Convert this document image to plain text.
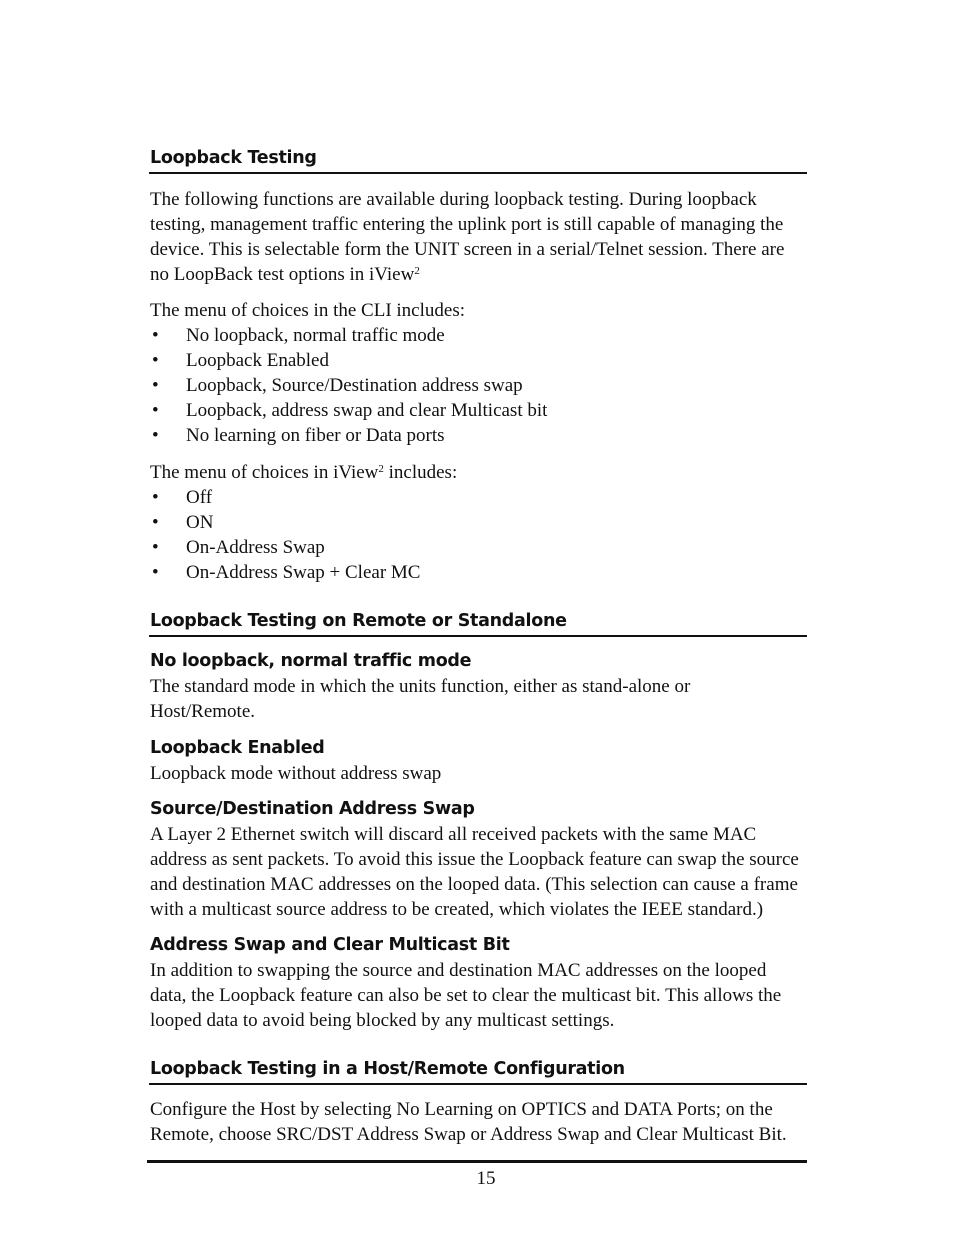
Loopback Testing

The following functions are available during loopback testing. During loopback
testing, management traffic entering the uplink port is still capable of managing the
device. This is selectable form the UNIT screen in a serial/Telnet session. There are
no LoopBack test options in iView$^2$

The menu of choices in the CLI includes:

• No loopback, normal traffic mode
• Loopback Enabled
• Loopback, Source/Destination address swap
• Loopback, address swap and clear Multicast bit
• No learning on fiber or Data ports

The menu of choices in iView$^2$ includes:

• Off
• ON
• On-Address Swap
• On-Address Swap + Clear MC
Loopback Testing on Remote or Standalone
No loopback, normal traffic mode

The standard mode in which the units function, either as stand-alone or
Host/Remote.

Loopback Enabled

Loopback mode without address swap

Source/Destination Address Swap

A Layer 2 Ethernet switch will discard all received packets with the same MAC
address as sent packets. To avoid this issue the Loopback feature can swap the source
and destination MAC addresses on the looped data. (This selection can cause a frame
with a multicast source address to be created, which violates the IEEE standard.)

Address Swap and Clear Multicast Bit

In addition to swapping the source and destination MAC addresses on the looped
data, the Loopback feature can also be set to clear the multicast bit. This allows the
looped data to avoid being blocked by any multicast settings.

Loopback Testing in a Host/Remote Configuration

Configure the Host by selecting No Learning on OPTICS and DATA Ports; on the
Remote, choose SRC/DST Address Swap or Address Swap and Clear Multicast Bit.

15
